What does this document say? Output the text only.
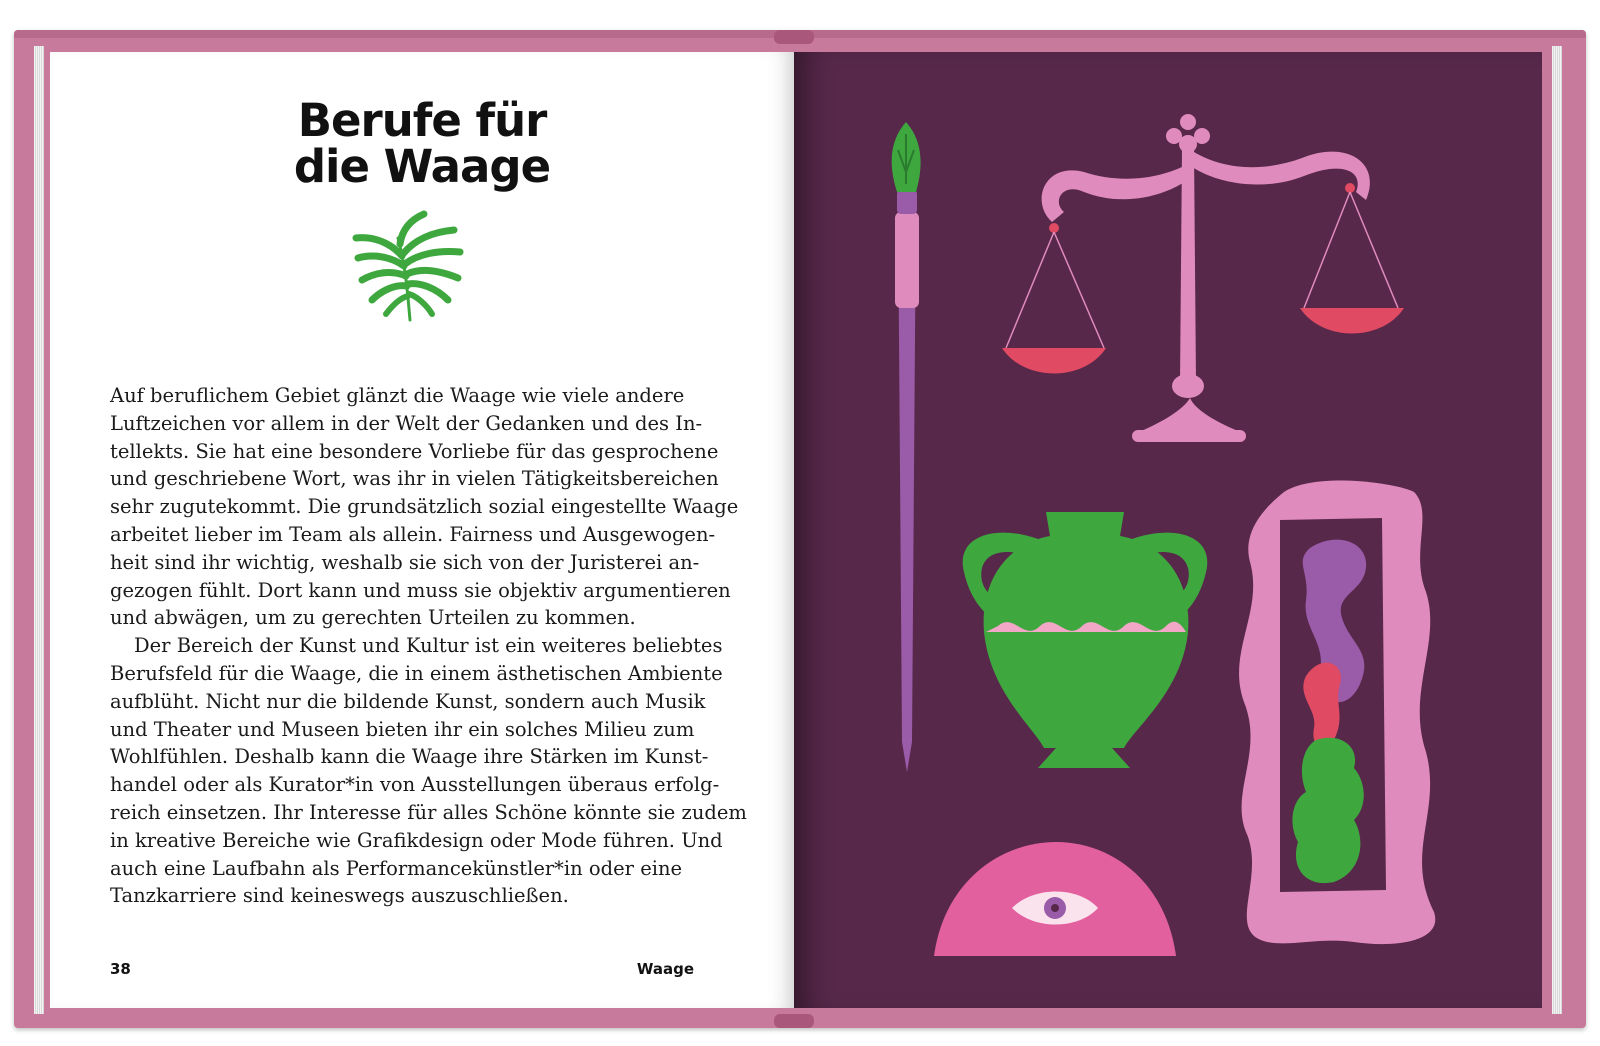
Berufe für
die Waage
Auf beruflichem Gebiet glänzt die Waage wie viele andere
Luftzeichen vor allem in der Welt der Gedanken und des In-
tellekts. Sie hat eine besondere Vorliebe für das gesprochene
und geschriebene Wort, was ihr in vielen Tätigkeitsbereichen
sehr zugutekommt. Die grundsätzlich sozial eingestellte Waage
arbeitet lieber im Team als allein. Fairness und Ausgewogen-
heit sind ihr wichtig, weshalb sie sich von der Juristerei an-
gezogen fühlt. Dort kann und muss sie objektiv argumentieren
und abwägen, um zu gerechten Urteilen zu kommen.
Der Bereich der Kunst und Kultur ist ein weiteres beliebtes
Berufsfeld für die Waage, die in einem ästhetischen Ambiente
aufblüht. Nicht nur die bildende Kunst, sondern auch Musik
und Theater und Museen bieten ihr ein solches Milieu zum
Wohlfühlen. Deshalb kann die Waage ihre Stärken im Kunst-
handel oder als Kurator*in von Ausstellungen überaus erfolg-
reich einsetzen. Ihr Interesse für alles Schöne könnte sie zudem
in kreative Bereiche wie Grafikdesign oder Mode führen. Und
auch eine Laufbahn als Performancekünstler*in oder eine
Tanzkarriere sind keineswegs auszuschließen.
38	Waage
